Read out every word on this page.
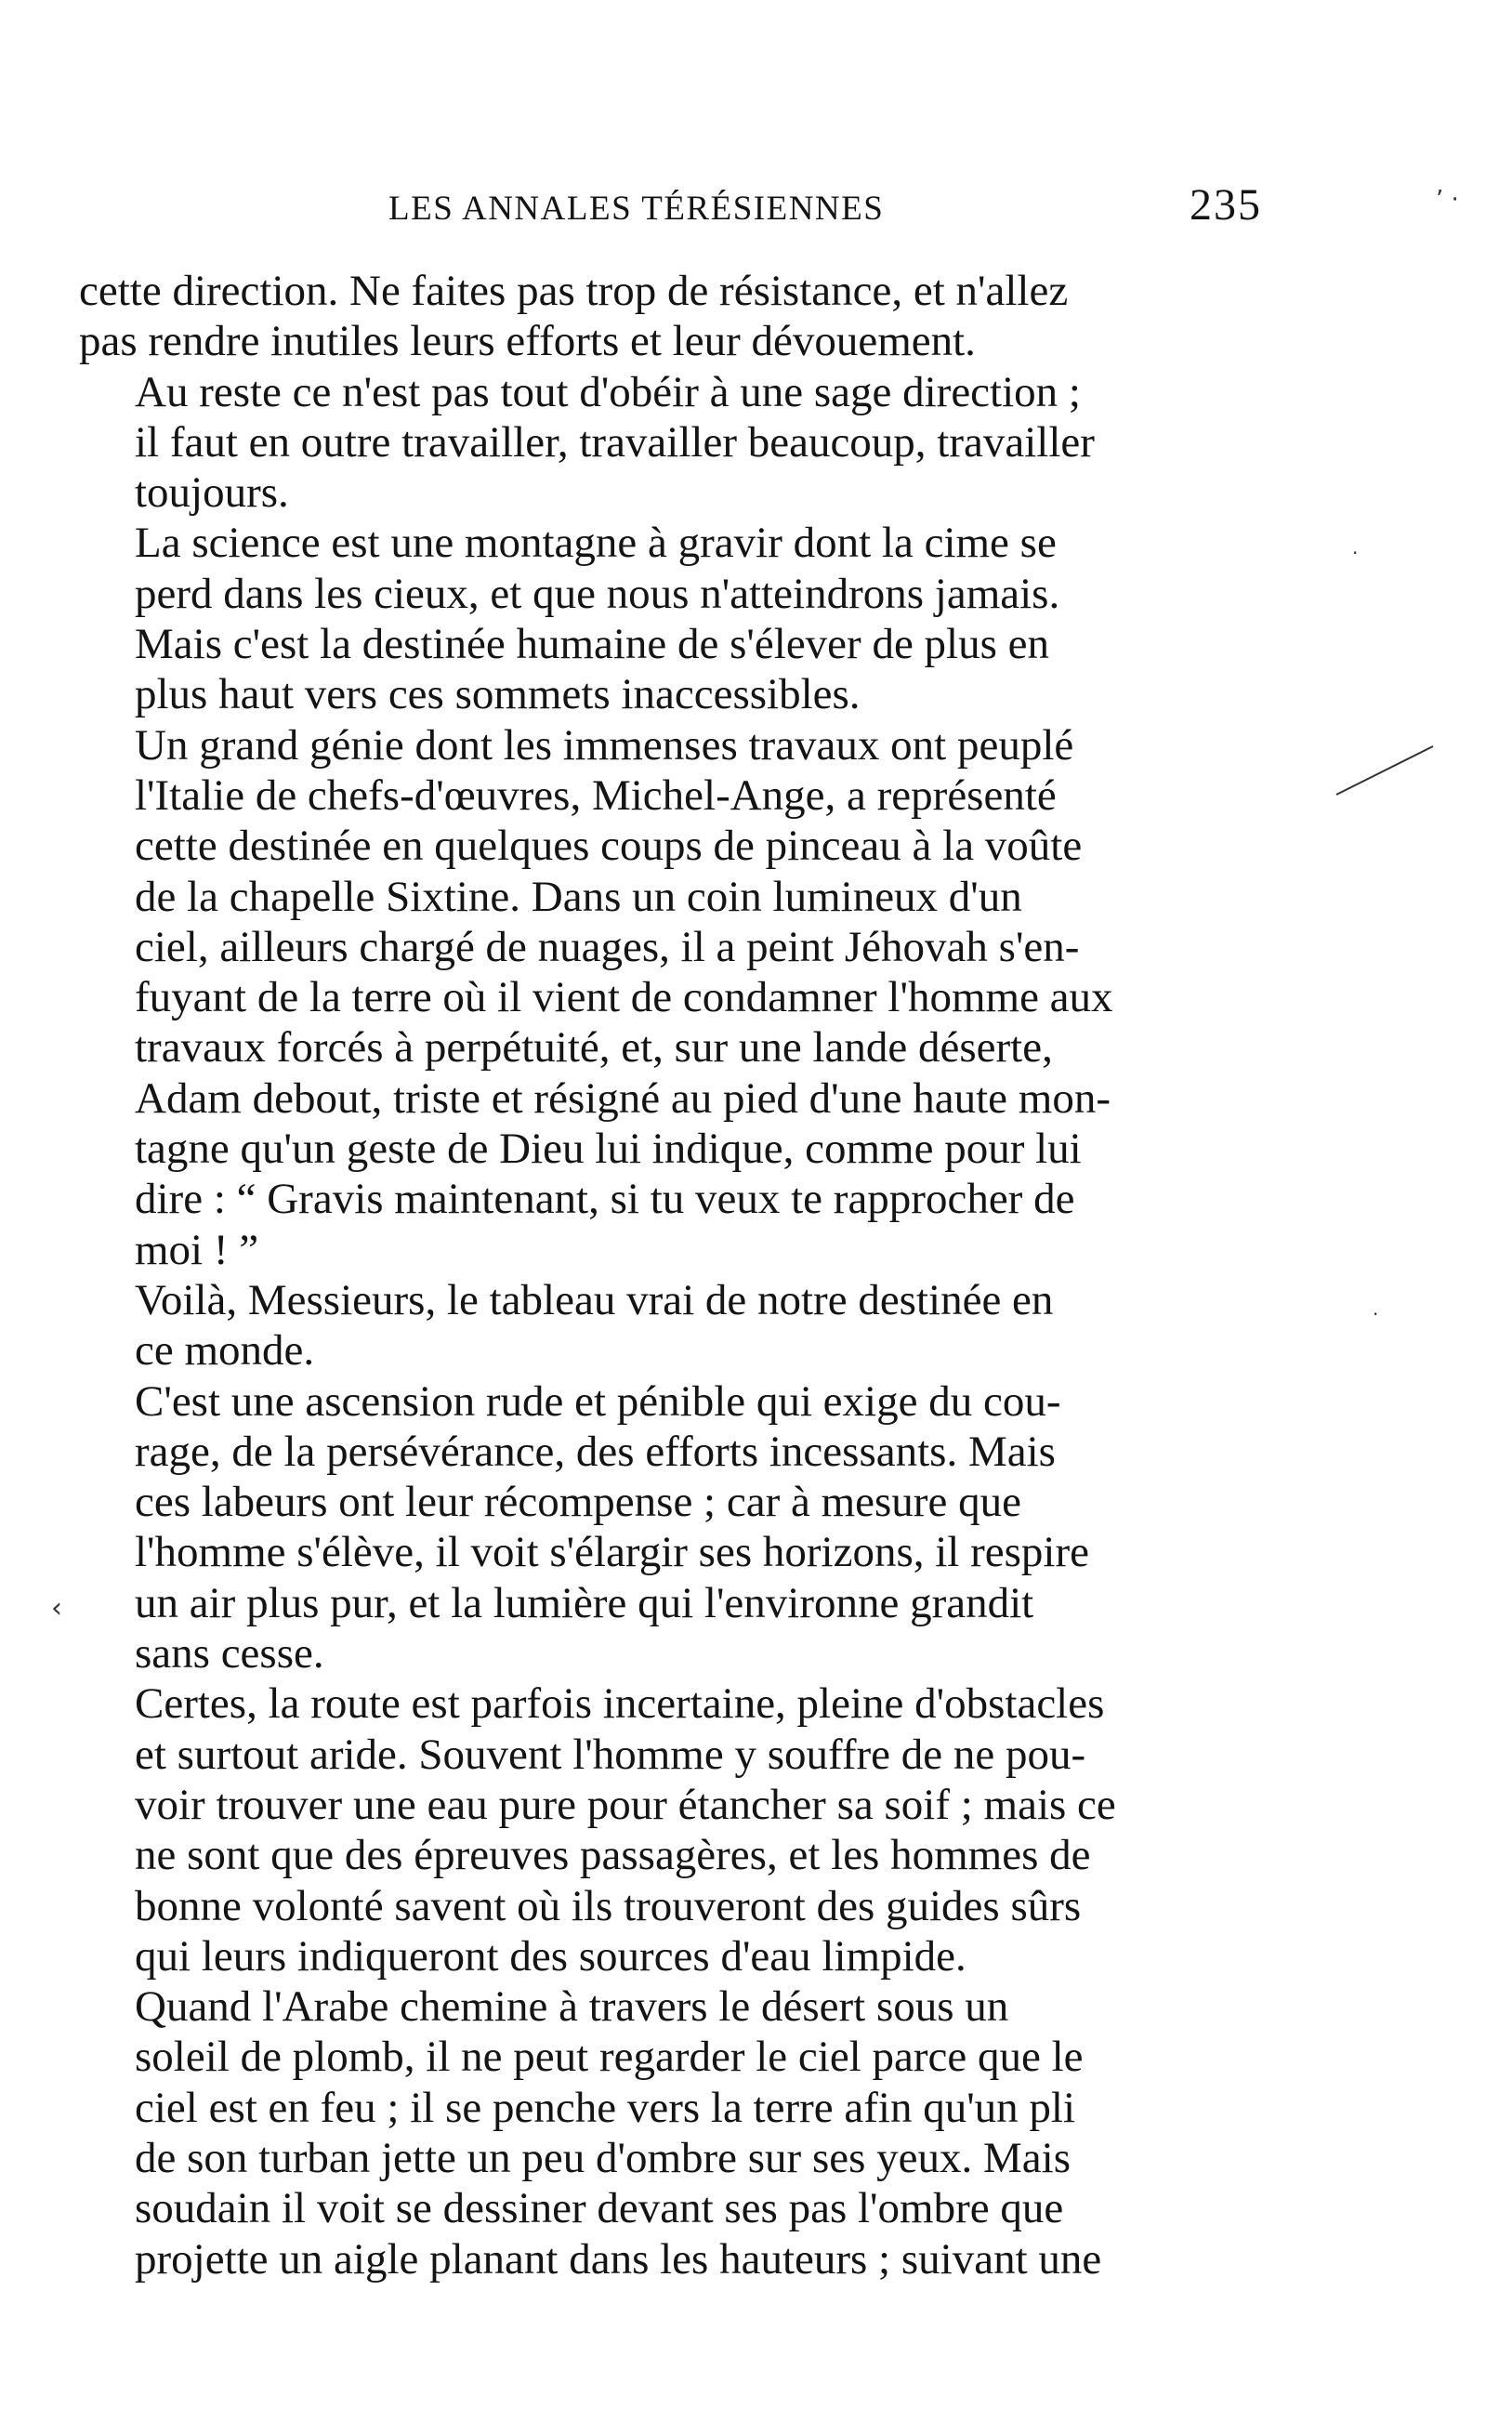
LES ANNALES TÉRÉSIENNES	235

cette direction. Ne faites pas trop de résistance, et n'allez
pas rendre inutiles leurs efforts et leur dévouement.

Au reste ce n'est pas tout d'obéir à une sage direction ;
il faut en outre travailler, travailler beaucoup, travailler
toujours.

La science est une montagne à gravir dont la cime se
perd dans les cieux, et que nous n'atteindrons jamais.
Mais c'est la destinée humaine de s'élever de plus en
plus haut vers ces sommets inaccessibles.

Un grand génie dont les immenses travaux ont peuplé
l'Italie de chefs-d'œuvres, Michel-Ange, a représenté
cette destinée en quelques coups de pinceau à la voûte
de la chapelle Sixtine. Dans un coin lumineux d'un
ciel, ailleurs chargé de nuages, il a peint Jéhovah s'en-
fuyant de la terre où il vient de condamner l'homme aux
travaux forcés à perpétuité, et, sur une lande déserte,
Adam debout, triste et résigné au pied d'une haute mon-
tagne qu'un geste de Dieu lui indique, comme pour lui
dire : “ Gravis maintenant, si tu veux te rapprocher de
moi ! ”

Voilà, Messieurs, le tableau vrai de notre destinée en
ce monde.

C'est une ascension rude et pénible qui exige du cou-
rage, de la persévérance, des efforts incessants. Mais
ces labeurs ont leur récompense ; car à mesure que
l'homme s'élève, il voit s'élargir ses horizons, il respire
un air plus pur, et la lumière qui l'environne grandit
sans cesse.

Certes, la route est parfois incertaine, pleine d'obstacles
et surtout aride. Souvent l'homme y souffre de ne pou-
voir trouver une eau pure pour étancher sa soif ; mais ce
ne sont que des épreuves passagères, et les hommes de
bonne volonté savent où ils trouveront des guides sûrs
qui leurs indiqueront des sources d'eau limpide.

Quand l'Arabe chemine à travers le désert sous un
soleil de plomb, il ne peut regarder le ciel parce que le
ciel est en feu ; il se penche vers la terre afin qu'un pli
de son turban jette un peu d'ombre sur ses yeux. Mais
soudain il voit se dessiner devant ses pas l'ombre que
projette un aigle planant dans les hauteurs ; suivant une

’ ·
·
·
‹
